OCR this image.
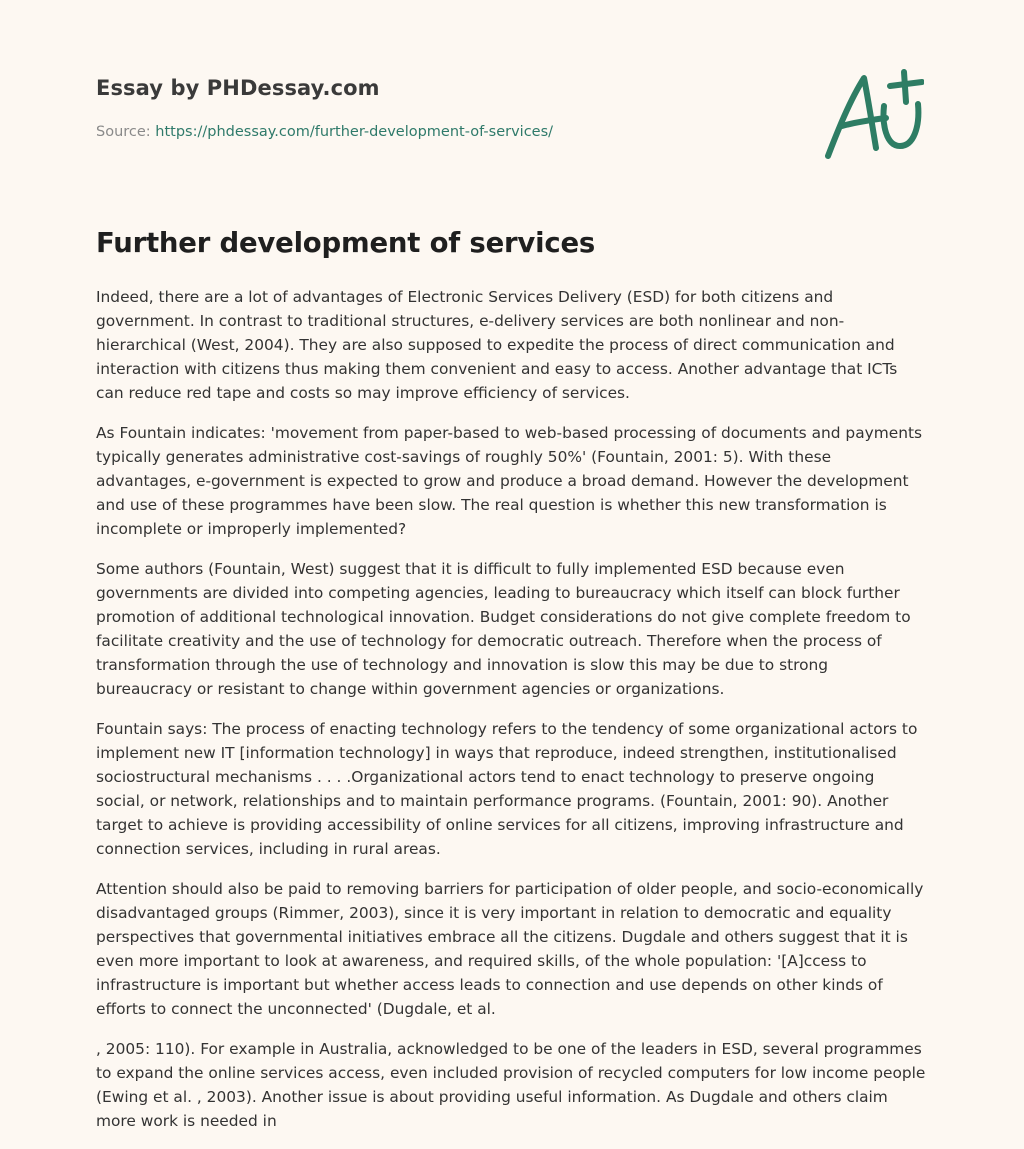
Essay by PHDessay.com
Source: https://phdessay.com/further-development-of-services/
Further development of services

Indeed, there are a lot of advantages of Electronic Services Delivery (ESD) for both citizens and government. In contrast to traditional structures, e-delivery services are both nonlinear and non-hierarchical (West, 2004). They are also supposed to expedite the process of direct communication and interaction with citizens thus making them convenient and easy to access. Another advantage that ICTs can reduce red tape and costs so may improve efficiency of services.

As Fountain indicates: 'movement from paper-based to web-based processing of documents and payments typically generates administrative cost-savings of roughly 50%' (Fountain, 2001: 5). With these advantages, e-government is expected to grow and produce a broad demand. However the development and use of these programmes have been slow. The real question is whether this new transformation is incomplete or improperly implemented?

Some authors (Fountain, West) suggest that it is difficult to fully implemented ESD because even governments are divided into competing agencies, leading to bureaucracy which itself can block further promotion of additional technological innovation. Budget considerations do not give complete freedom to facilitate creativity and the use of technology for democratic outreach. Therefore when the process of transformation through the use of technology and innovation is slow this may be due to strong bureaucracy or resistant to change within government agencies or organizations.

Fountain says: The process of enacting technology refers to the tendency of some organizational actors to implement new IT [information technology] in ways that reproduce, indeed strengthen, institutionalised sociostructural mechanisms . . . .Organizational actors tend to enact technology to preserve ongoing social, or network, relationships and to maintain performance programs. (Fountain, 2001: 90). Another target to achieve is providing accessibility of online services for all citizens, improving infrastructure and connection services, including in rural areas.

Attention should also be paid to removing barriers for participation of older people, and socio-economically disadvantaged groups (Rimmer, 2003), since it is very important in relation to democratic and equality perspectives that governmental initiatives embrace all the citizens. Dugdale and others suggest that it is even more important to look at awareness, and required skills, of the whole population: '[A]ccess to infrastructure is important but whether access leads to connection and use depends on other kinds of efforts to connect the unconnected' (Dugdale, et al.

, 2005: 110). For example in Australia, acknowledged to be one of the leaders in ESD, several programmes to expand the online services access, even included provision of recycled computers for low income people (Ewing et al. , 2003). Another issue is about providing useful information. As Dugdale and others claim more work is needed in
